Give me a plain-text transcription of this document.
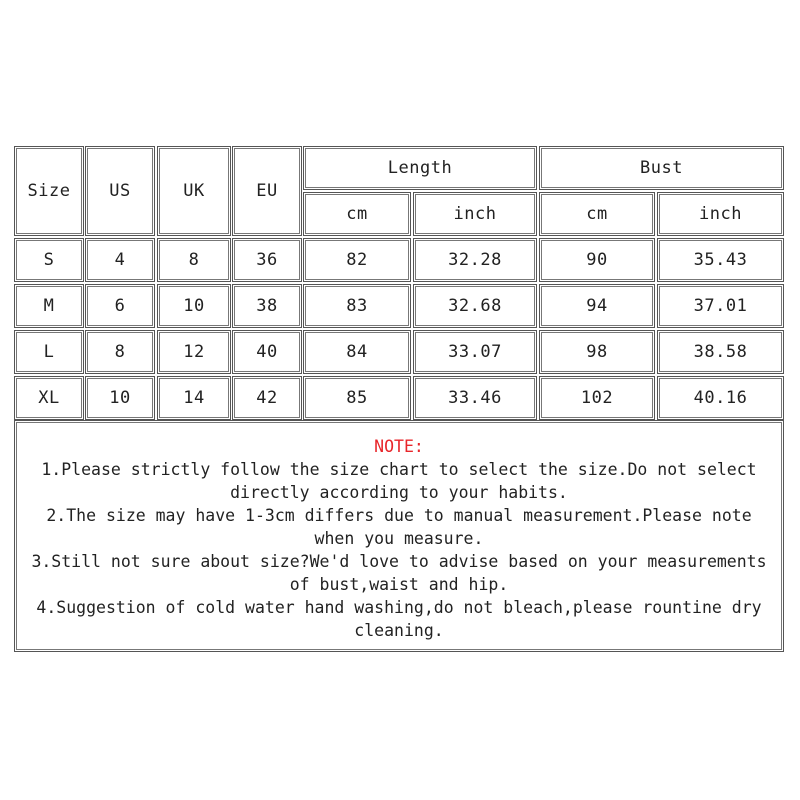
Size	US	UK	EU
Length	Bust
cm	inch	cm	inch
S	4	8	36	82	32.28	90	35.43
M	6	10	38	83	32.68	94	37.01
L	8	12	40	84	33.07	98	38.58
XL	10	14	42	85	33.46	102	40.16

NOTE:

1.Please strictly follow the size chart to select the size.Do not select

directly according to your habits.

2.The size may have 1-3cm differs due to manual measurement.Please note

when you measure.

3.Still not sure about size?We'd love to advise based on your measurements

of bust,waist and hip.

4.Suggestion of cold water hand washing,do not bleach,please rountine dry

cleaning.
